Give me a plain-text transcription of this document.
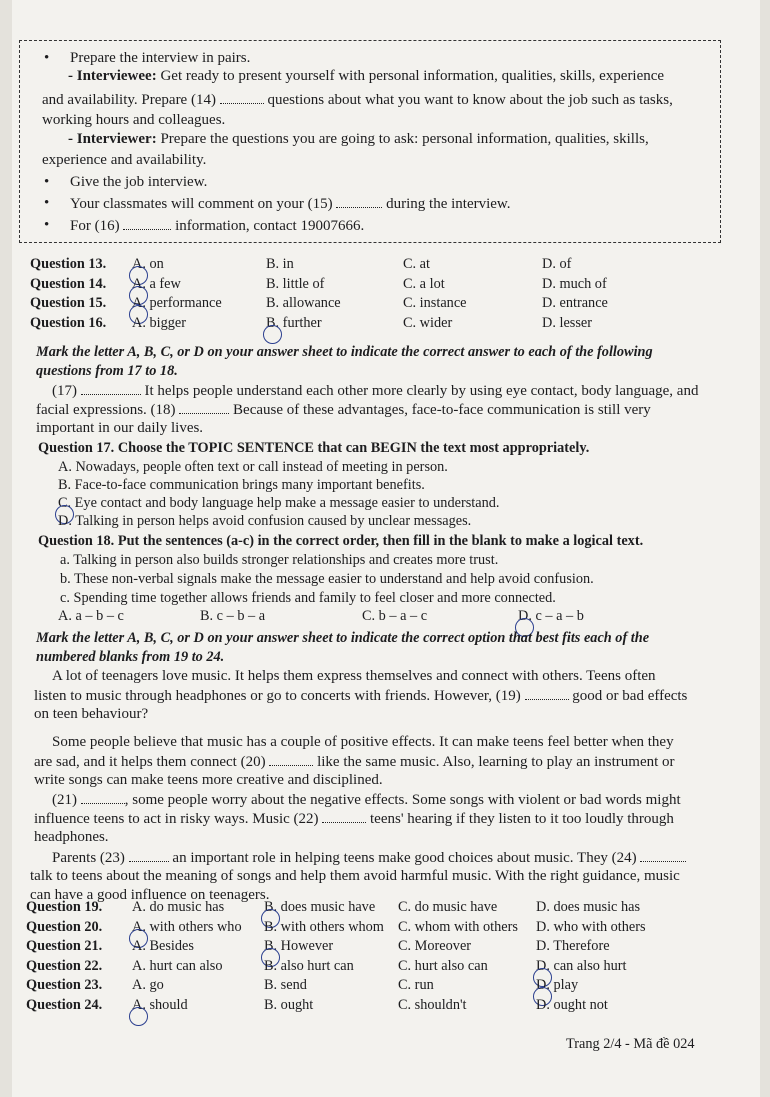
• Prepare the interview in pairs.
- Interviewee: Get ready to present yourself with personal information, qualities, skills, experience
and availability. Prepare (14)	questions about what you want to know about the job such as tasks,
working hours and colleagues.
- Interviewer: Prepare the questions you are going to ask: personal information, qualities, skills,
experience and availability.
• Give the job interview.
• Your classmates will comment on your (15)	during the interview.
• For (16)	information, contact 19007666.
Question 13. A. on	B. in	C. at	D. of
Question 14. A. a few	B. little of	C. a lot	D. much of
Question 15. A. performance	B. allowance	C. instance	D. entrance
Question 16. A. bigger	B. further	C. wider	D. lesser
Mark the letter A, B, C, or D on your answer sheet to indicate the correct answer to each of the following
questions from 17 to 18.
(17)	It helps people understand each other more clearly by using eye contact, body language, and
facial expressions. (18)	Because of these advantages, face-to-face communication is still very
important in our daily lives.
Question 17. Choose the TOPIC SENTENCE that can BEGIN the text most appropriately.
A. Nowadays, people often text or call instead of meeting in person.
B. Face-to-face communication brings many important benefits.
C. Eye contact and body language help make a message easier to understand.
D. Talking in person helps avoid confusion caused by unclear messages.
Question 18. Put the sentences (a-c) in the correct order, then fill in the blank to make a logical text.
a. Talking in person also builds stronger relationships and creates more trust.
b. These non-verbal signals make the message easier to understand and help avoid confusion.
c. Spending time together allows friends and family to feel closer and more connected.
A. a – b – c	B. c – b – a	C. b – a – c	D. c – a – b
Mark the letter A, B, C, or D on your answer sheet to indicate the correct option that best fits each of the
numbered blanks from 19 to 24.
A lot of teenagers love music. It helps them express themselves and connect with others. Teens often
listen to music through headphones or go to concerts with friends. However, (19)	good or bad effects
on teen behaviour?
Some people believe that music has a couple of positive effects. It can make teens feel better when they
are sad, and it helps them connect (20)	like the same music. Also, learning to play an instrument or
write songs can make teens more creative and disciplined.
(21)	, some people worry about the negative effects. Some songs with violent or bad words might
influence teens to act in risky ways. Music (22)	teens' hearing if they listen to it too loudly through
headphones.
Parents (23)	an important role in helping teens make good choices about music. They (24)
talk to teens about the meaning of songs and help them avoid harmful music. With the right guidance, music
can have a good influence on teenagers.
Question 19. A. do music has	B. does music have C. do music have	D. does music has
Question 20. A. with others who B. with others whom C. whom with others D. who with others
Question 21. A. Besides	B. However	C. Moreover	D. Therefore
Question 22. A. hurt can also	B. also hurt can	C. hurt also can	D. can also hurt
Question 23. A. go	B. send	C. run	D. play
Question 24. A. should	B. ought	C. shouldn't	D. ought not
Trang 2/4 - Mã đề 024
